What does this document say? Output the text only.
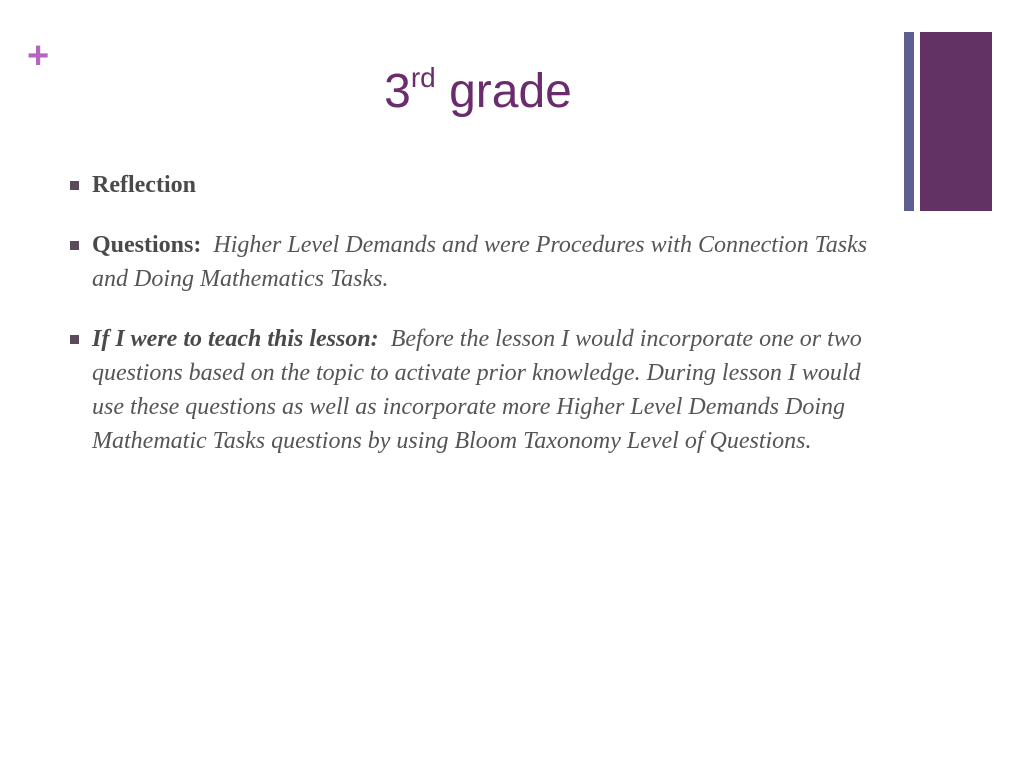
+
3rd grade
Reflection
Questions: Higher Level Demands and were Procedures with Connection Tasks and Doing Mathematics Tasks.
If I were to teach this lesson: Before the lesson I would incorporate one or two questions based on the topic to activate prior knowledge. During lesson I would use these questions as well as incorporate more Higher Level Demands Doing Mathematic Tasks questions by using Bloom Taxonomy Level of Questions.
